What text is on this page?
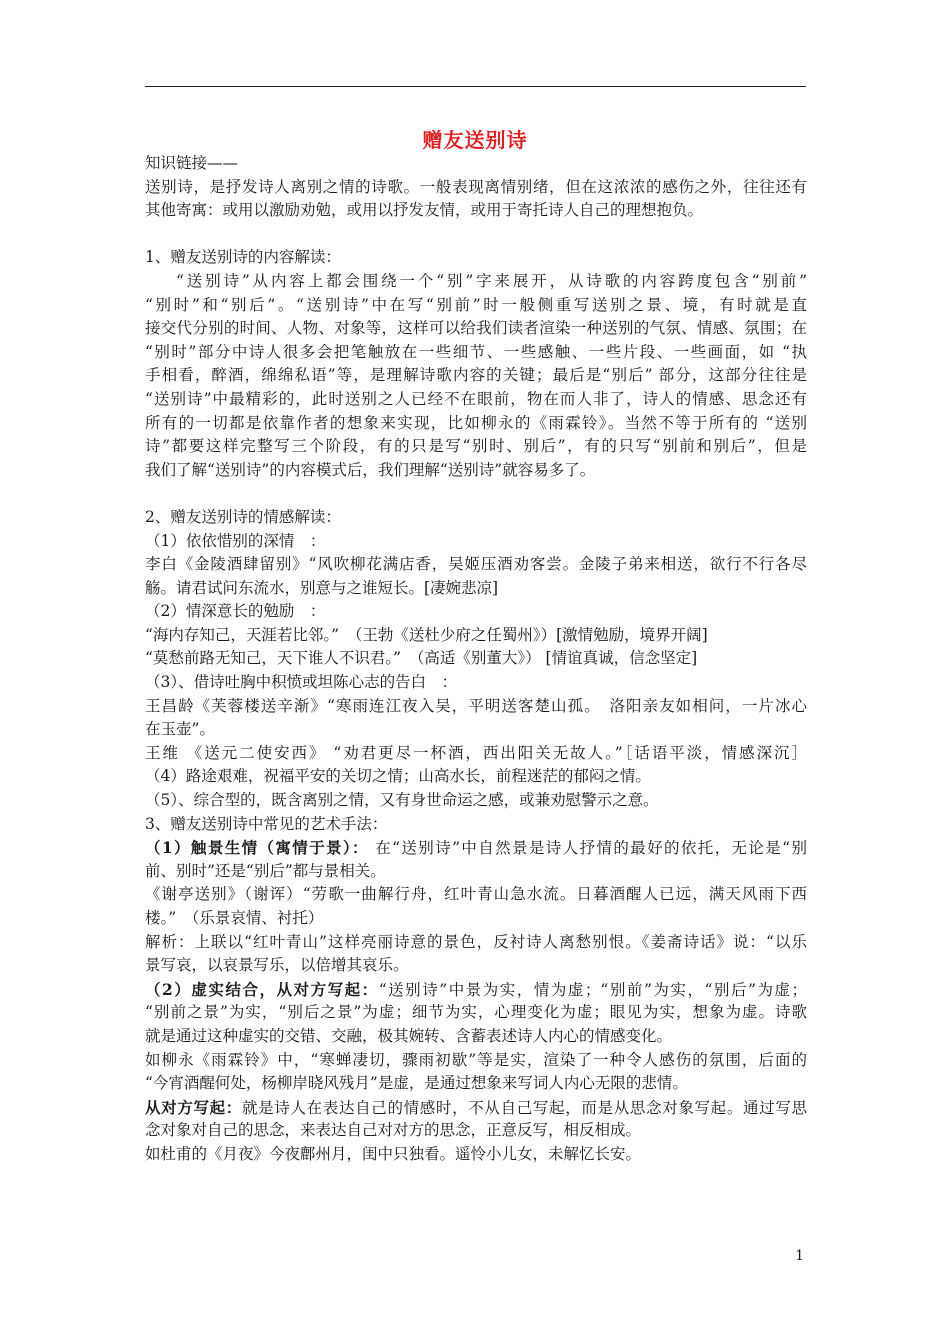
赠友送别诗
知识链接——
送别诗，是抒发诗人离别之情的诗歌。一般表现离情别绪，但在这浓浓的感伤之外，往往还有
其他寄寓：或用以激励劝勉，或用以抒发友情，或用于寄托诗人自己的理想抱负。
1、赠友送别诗的内容解读：
“送别诗”从内容上都会围绕一个“别”字来展开，从诗歌的内容跨度包含“别前”
“别时”和“别后”。“送别诗”中在写“别前”时一般侧重写送别之景、境，有时就是直
接交代分别的时间、人物、对象等，这样可以给我们读者渲染一种送别的气氛、情感、氛围；在
“别时”部分中诗人很多会把笔触放在一些细节、一些感触、一些片段、一些画面，如 “执
手相看，醉酒，绵绵私语”等，是理解诗歌内容的关键；最后是“别后” 部分，这部分往往是
“送别诗”中最精彩的，此时送别之人已经不在眼前，物在而人非了，诗人的情感、思念还有
所有的一切都是依靠作者的想象来实现，比如柳永的《雨霖铃》。当然不等于所有的 “送别
诗”都要这样完整写三个阶段，有的只是写“别时、别后”，有的只写“别前和别后”，但是
我们了解“送别诗”的内容模式后，我们理解“送别诗”就容易多了。
2、赠友送别诗的情感解读：
（1）依依惜别的深情　：
李白《金陵酒肆留别》“风吹柳花满店香，吴姬压酒劝客尝。金陵子弟来相送，欲行不行各尽
觞。请君试问东流水，别意与之谁短长。[凄婉悲凉]
（2）情深意长的勉励　：
“海内存知己，天涯若比邻。”　（王勃《送杜少府之任蜀州》）[激情勉励，境界开阔]
“莫愁前路无知己，天下谁人不识君。”　（高适《别董大》） [情谊真诚，信念坚定]
（3）、借诗吐胸中积愤或坦陈心志的告白　：
王昌龄《芙蓉楼送辛渐》“寒雨连江夜入吴，平明送客楚山孤。　洛阳亲友如相问，一片冰心
在玉壶”。
王维 《送元二使安西》 “劝君更尽一杯酒，西出阳关无故人。”［话语平淡，情感深沉］
（4）路途艰难，祝福平安的关切之情；山高水长，前程迷茫的郁闷之情。
（5）、综合型的，既含离别之情，又有身世命运之感，或兼劝慰警示之意。
3、赠友送别诗中常见的艺术手法：
（1）触景生情（寓情于景）： 在“送别诗”中自然景是诗人抒情的最好的依托，无论是“别
前、别时”还是“别后”都与景相关。
《谢亭送别》（谢诨）“劳歌一曲解行舟，红叶青山急水流。日暮酒醒人已远，满天风雨下西
楼。”　（乐景哀情、衬托）
解析：上联以“红叶青山”这样亮丽诗意的景色，反衬诗人离愁别恨。《姜斋诗话》说：“以乐
景写哀，以哀景写乐，以倍增其哀乐。
（2）虚实结合，从对方写起：“送别诗”中景为实，情为虚；“别前”为实，“别后”为虚；
“别前之景”为实，“别后之景”为虚；细节为实，心理变化为虚；眼见为实，想象为虚。诗歌
就是通过这种虚实的交错、交融，极其婉转、含蓄表述诗人内心的情感变化。
如柳永《雨霖铃》中，“寒蝉凄切，骤雨初歇”等是实，渲染了一种令人感伤的氛围，后面的
“今宵酒醒何处，杨柳岸晓风残月”是虚，是通过想象来写词人内心无限的悲情。
从对方写起：就是诗人在表达自己的情感时，不从自己写起，而是从思念对象写起。通过写思
念对象对自己的思念，来表达自己对对方的思念，正意反写，相反相成。
如杜甫的《月夜》今夜鄜州月，闺中只独看。遥怜小儿女，未解忆长安。
1
